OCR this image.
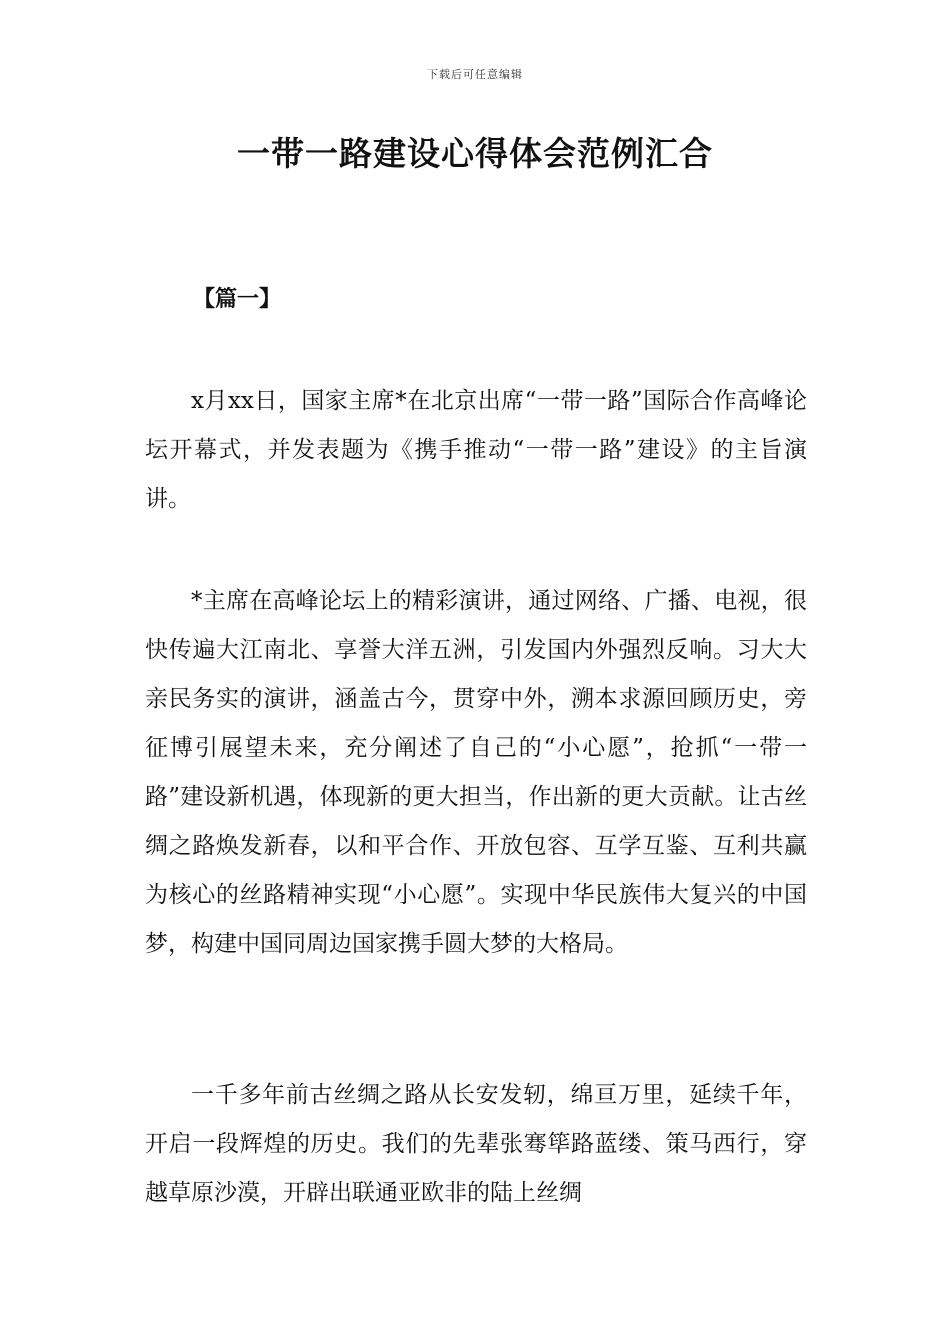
下载后可任意编辑
一带一路建设心得体会范例汇合
【篇一】

x月xx日，国家主席*在北京出席“一带一路”国际合作高峰论坛开幕式，并发表题为《携手推动“一带一路”建设》的主旨演讲。

*主席在高峰论坛上的精彩演讲，通过网络、广播、电视，很快传遍大江南北、享誉大洋五洲，引发国内外强烈反响。习大大亲民务实的演讲，涵盖古今，贯穿中外，溯本求源回顾历史，旁征博引展望未来，充分阐述了自己的“小心愿”，抢抓“一带一路”建设新机遇，体现新的更大担当，作出新的更大贡献。让古丝绸之路焕发新春，以和平合作、开放包容、互学互鉴、互利共赢为核心的丝路精神实现“小心愿”。实现中华民族伟大复兴的中国梦，构建中国同周边国家携手圆大梦的大格局。

一千多年前古丝绸之路从长安发轫，绵亘万里，延续千年，开启一段辉煌的历史。我们的先辈张骞筚路蓝缕、策马西行，穿越草原沙漠，开辟出联通亚欧非的陆上丝绸
